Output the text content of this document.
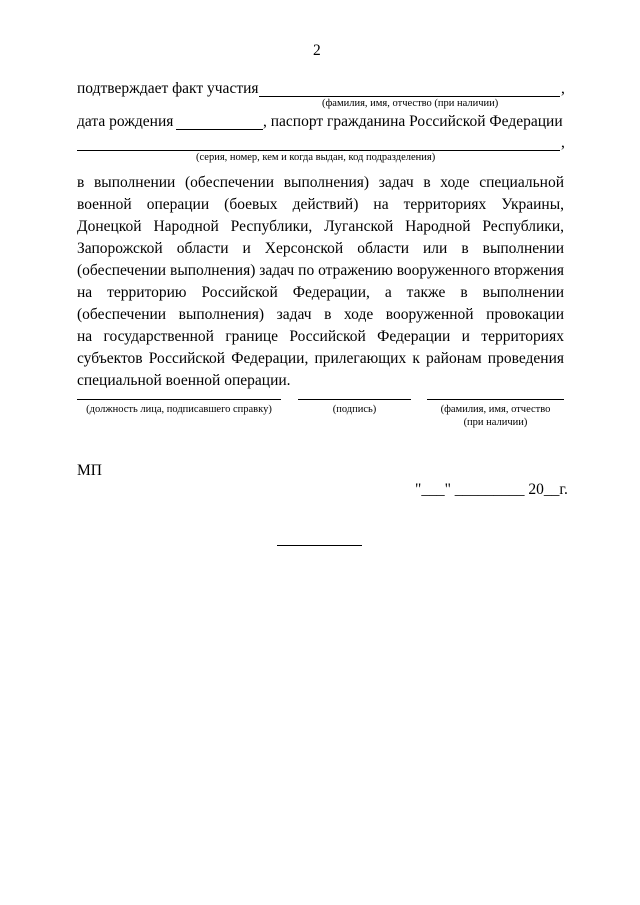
2
подтверждает факт участия	,
(фамилия, имя, отчество (при наличии)
дата рождения	, паспорт гражданина Российской Федерации
,
(серия, номер, кем и когда выдан, код подразделения)
в выполнении (обеспечении выполнения) задач в ходе специальной
военной операции (боевых действий) на территориях Украины,
Донецкой Народной Республики, Луганской Народной Республики,
Запорожской области и Херсонской области или в выполнении
(обеспечении выполнения) задач по отражению вооруженного вторжения
на территорию Российской Федерации, а также в выполнении
(обеспечении выполнения) задач в ходе вооруженной провокации
на государственной границе Российской Федерации и территориях
субъектов Российской Федерации, прилегающих к районам проведения
специальной военной операции.
(должность лица, подписавшего справку)	(подпись)	(фамилия, имя, отчество
(при наличии)
МП
"___" _________ 20__г.
